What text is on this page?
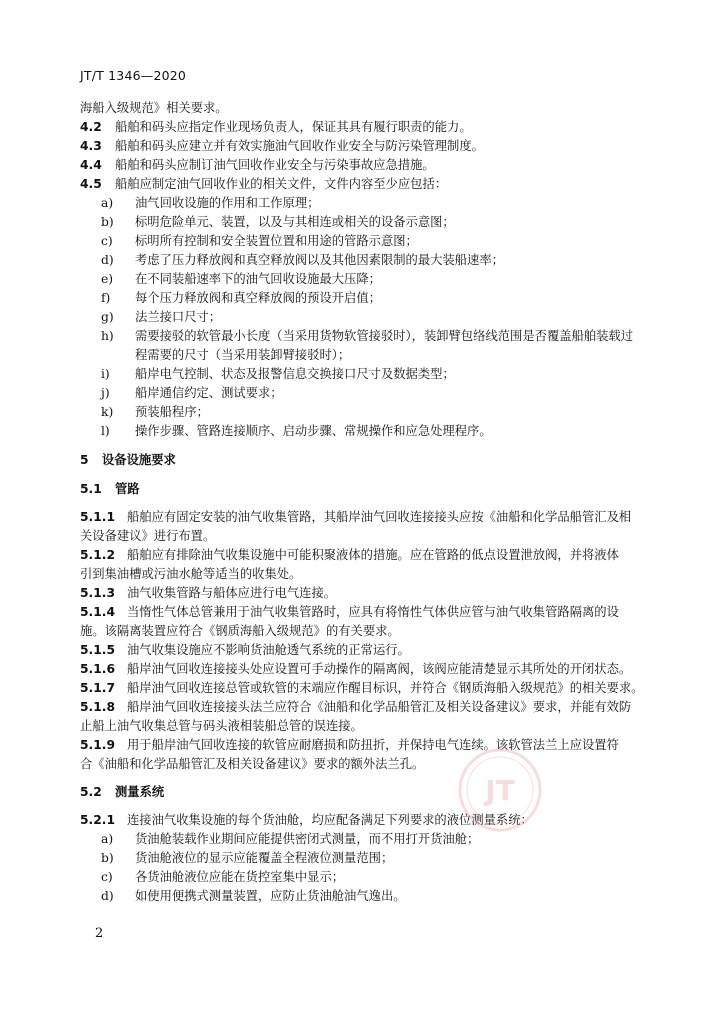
JT/T 1346—2020
海船入级规范》相关要求。
4.2 船舶和码头应指定作业现场负责人，保证其具有履行职责的能力。
4.3 船舶和码头应建立并有效实施油气回收作业安全与防污染管理制度。
4.4 船舶和码头应制订油气回收作业安全与污染事故应急措施。
4.5 船舶应制定油气回收作业的相关文件，文件内容至少应包括：
a) 油气回收设施的作用和工作原理；
b) 标明危险单元、装置，以及与其相连或相关的设备示意图；
c) 标明所有控制和安全装置位置和用途的管路示意图；
d) 考虑了压力释放阀和真空释放阀以及其他因素限制的最大装船速率；
e) 在不同装船速率下的油气回收设施最大压降；
f) 每个压力释放阀和真空释放阀的预设开启值；
g) 法兰接口尺寸；
h) 需要接驳的软管最小长度（当采用货物软管接驳时），装卸臂包络线范围是否覆盖船舶装载过
程需要的尺寸（当采用装卸臂接驳时）；
i) 船岸电气控制、状态及报警信息交换接口尺寸及数据类型；
j) 船岸通信约定、测试要求；
k) 预装船程序；
l) 操作步骤、管路连接顺序、启动步骤、常规操作和应急处理程序。
5 设备设施要求
5.1 管路
5.1.1 船舶应有固定安装的油气收集管路，其船岸油气回收连接接头应按《油船和化学品船管汇及相
关设备建议》进行布置。
5.1.2 船舶应有排除油气收集设施中可能积聚液体的措施。应在管路的低点设置泄放阀，并将液体
引到集油槽或污油水舱等适当的收集处。
5.1.3 油气收集管路与船体应进行电气连接。
5.1.4 当惰性气体总管兼用于油气收集管路时，应具有将惰性气体供应管与油气收集管路隔离的设
施。该隔离装置应符合《钢质海船入级规范》的有关要求。
5.1.5 油气收集设施应不影响货油舱透气系统的正常运行。
5.1.6 船岸油气回收连接接头处应设置可手动操作的隔离阀，该阀应能清楚显示其所处的开闭状态。
5.1.7 船岸油气回收连接总管或软管的末端应作醒目标识，并符合《钢质海船入级规范》的相关要求。
5.1.8 船岸油气回收连接接头法兰应符合《油船和化学品船管汇及相关设备建议》要求，并能有效防
止船上油气收集总管与码头液相装船总管的误连接。
5.1.9 用于船岸油气回收连接的软管应耐磨损和防扭折，并保持电气连续。该软管法兰上应设置符
合《油船和化学品船管汇及相关设备建议》要求的额外法兰孔。
5.2 测量系统
5.2.1 连接油气收集设施的每个货油舱，均应配备满足下列要求的液位测量系统：
a) 货油舱装载作业期间应能提供密闭式测量，而不用打开货油舱；
b) 货油舱液位的显示应能覆盖全程液位测量范围；
c) 各货油舱液位应能在货控室集中显示；
d) 如使用便携式测量装置，应防止货油舱油气逸出。
JT
2
